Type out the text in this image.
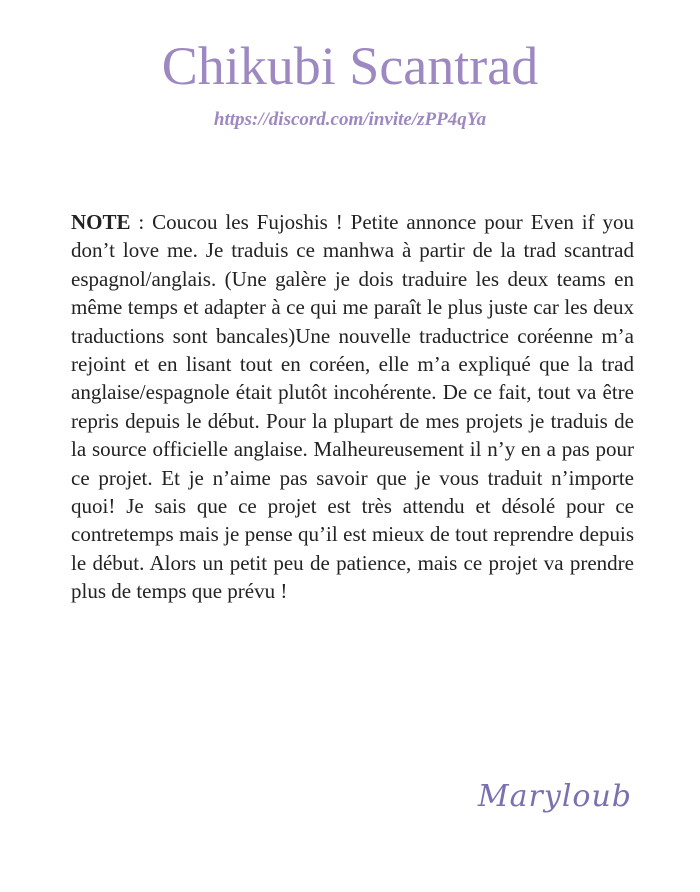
Chikubi Scantrad
https://discord.com/invite/zPP4qYa

NOTE : Coucou les Fujoshis ! Petite annonce pour Even if you don’t love me. Je traduis ce manhwa à partir de la trad scantrad espagnol/anglais. (Une galère je dois traduire les deux teams en même temps et adapter à ce qui me paraît le plus juste car les deux traductions sont bancales)Une nouvelle traductrice coréenne m’a rejoint et en lisant tout en coréen, elle m’a expliqué que la trad anglaise/espagnole était plutôt incohérente. De ce fait, tout va être repris depuis le début. Pour la plupart de mes projets je traduis de la source officielle anglaise. Malheureusement il n’y en a pas pour ce projet. Et je n’aime pas savoir que je vous traduit n’importe quoi! Je sais que ce projet est très attendu et désolé pour ce contretemps mais je pense qu’il est mieux de tout reprendre depuis le début. Alors un petit peu de patience, mais ce projet va prendre plus de temps que prévu !

Maryloub
